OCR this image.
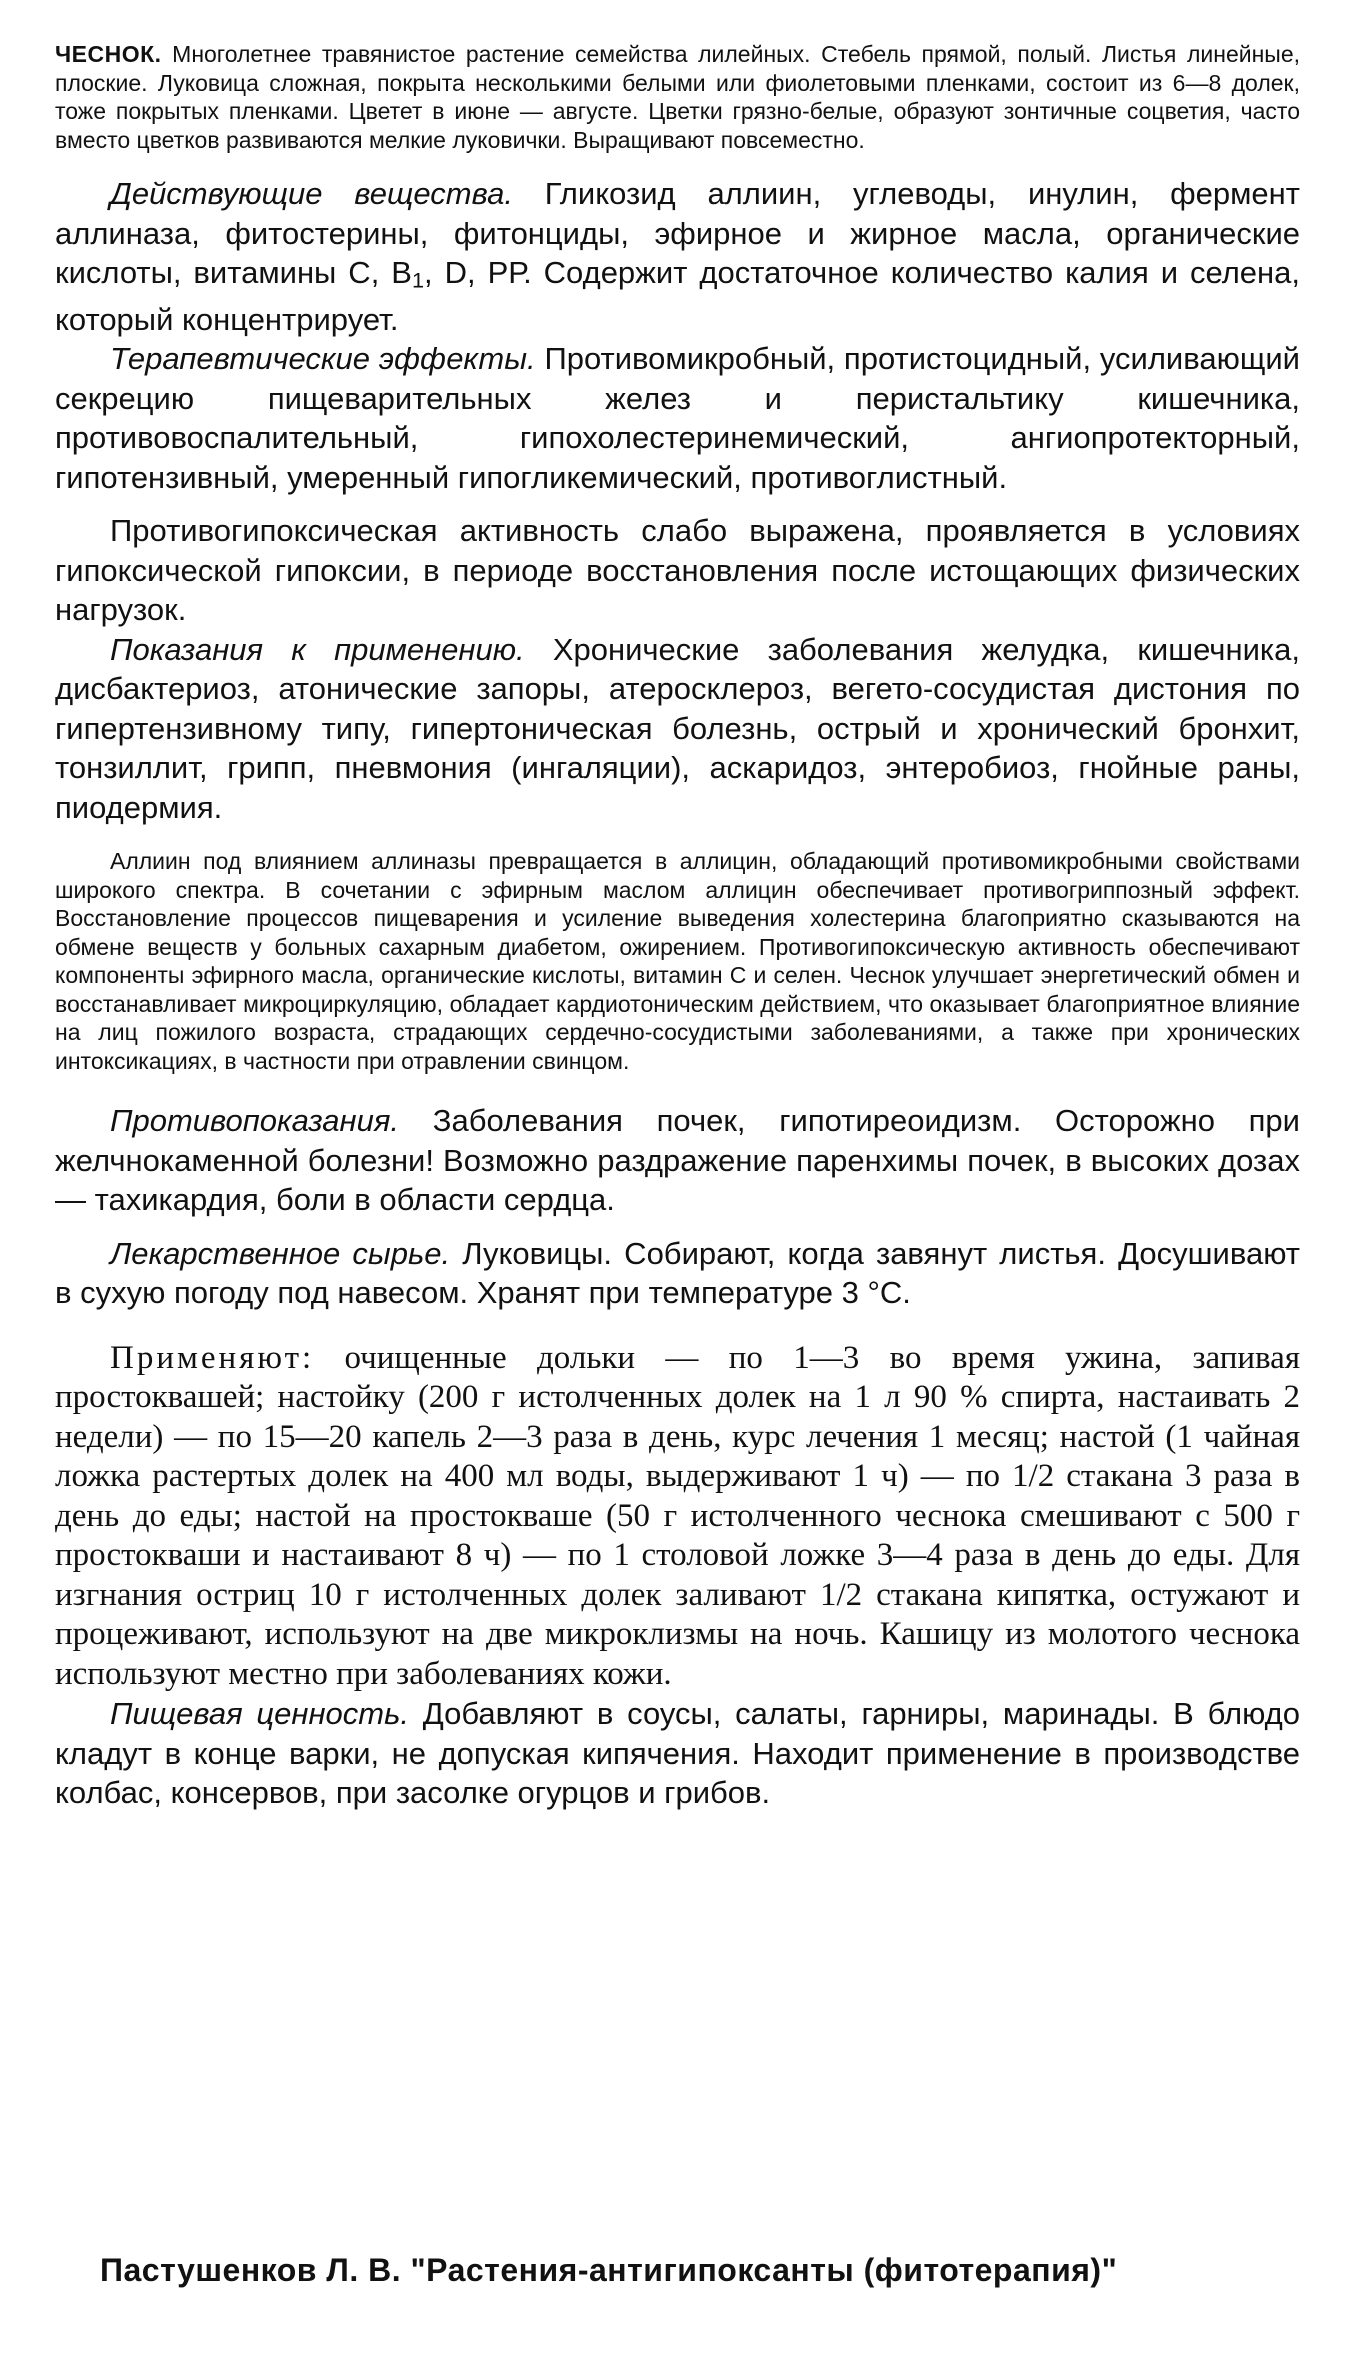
ЧЕСНОК. Многолетнее травянистое растение семейства лилейных. Стебель прямой, полый. Листья линейные, плоские. Луковица сложная, покрыта несколькими белыми или фиолетовыми пленками, состоит из 6—8 долек, тоже покрытых пленками. Цветет в июне — августе. Цветки грязно-белые, образуют зонтичные соцветия, часто вместо цветков развиваются мелкие луковички. Выращивают повсеместно.

Действующие вещества. Гликозид аллиин, углеводы, инулин, фермент аллиназа, фитостерины, фитонциды, эфирное и жирное масла, органические кислоты, витамины С, $В_1$, D, РР. Содержит достаточное количество калия и селена, который концентрирует.

Терапевтические эффекты. Противомикробный, протистоцидный, усиливающий секрецию пищеварительных желез и перистальтику кишечника, противовоспалительный, гипохолестеринемический, ангиопротекторный, гипотензивный, умеренный гипогликемический, противоглистный.

Противогипоксическая активность слабо выражена, проявляется в условиях гипоксической гипоксии, в периоде восстановления после истощающих физических нагрузок.

Показания к применению. Хронические заболевания желудка, кишечника, дисбактериоз, атонические запоры, атеросклероз, вегето-сосудистая дистония по гипертензивному типу, гипертоническая болезнь, острый и хронический бронхит, тонзиллит, грипп, пневмония (ингаляции), аскаридоз, энтеробиоз, гнойные раны, пиодермия.

Аллиин под влиянием аллиназы превращается в аллицин, обладающий противомикробными свойствами широкого спектра. В сочетании с эфирным маслом аллицин обеспечивает противогриппозный эффект. Восстановление процессов пищеварения и усиление выведения холестерина благоприятно сказываются на обмене веществ у больных сахарным диабетом, ожирением. Противогипоксическую активность обеспечивают компоненты эфирного масла, органические кислоты, витамин С и селен. Чеснок улучшает энергетический обмен и восстанавливает микроциркуляцию, обладает кардиотоническим действием, что оказывает благоприятное влияние на лиц пожилого возраста, страдающих сердечно-сосудистыми заболеваниями, а также при хронических интоксикациях, в частности при отравлении свинцом.

Противопоказания. Заболевания почек, гипотиреоидизм. Осторожно при желчнокаменной болезни! Возможно раздражение паренхимы почек, в высоких дозах — тахикардия, боли в области сердца.

Лекарственное сырье. Луковицы. Собирают, когда завянут листья. Досушивают в сухую погоду под навесом. Хранят при температуре 3 °С.

Применяют: очищенные дольки — по 1—3 во время ужина, запивая простоквашей; настойку (200 г истолченных долек на 1 л 90 % спирта, настаивать 2 недели) — по 15—20 капель 2—3 раза в день, курс лечения 1 месяц; настой (1 чайная ложка растертых долек на 400 мл воды, выдерживают 1 ч) — по 1/2 стакана 3 раза в день до еды; настой на простокваше (50 г истолченного чеснока смешивают с 500 г простокваши и настаивают 8 ч) — по 1 столовой ложке 3—4 раза в день до еды. Для изгнания остриц 10 г истолченных долек заливают 1/2 стакана кипятка, остужают и процеживают, используют на две микроклизмы на ночь. Кашицу из молотого чеснока используют местно при заболеваниях кожи.

Пищевая ценность. Добавляют в соусы, салаты, гарниры, маринады. В блюдо кладут в конце варки, не допуская кипячения. Находит применение в производстве колбас, консервов, при засолке огурцов и грибов.

Пастушенков Л. В. "Растения-антигипоксанты (фитотерапия)"
